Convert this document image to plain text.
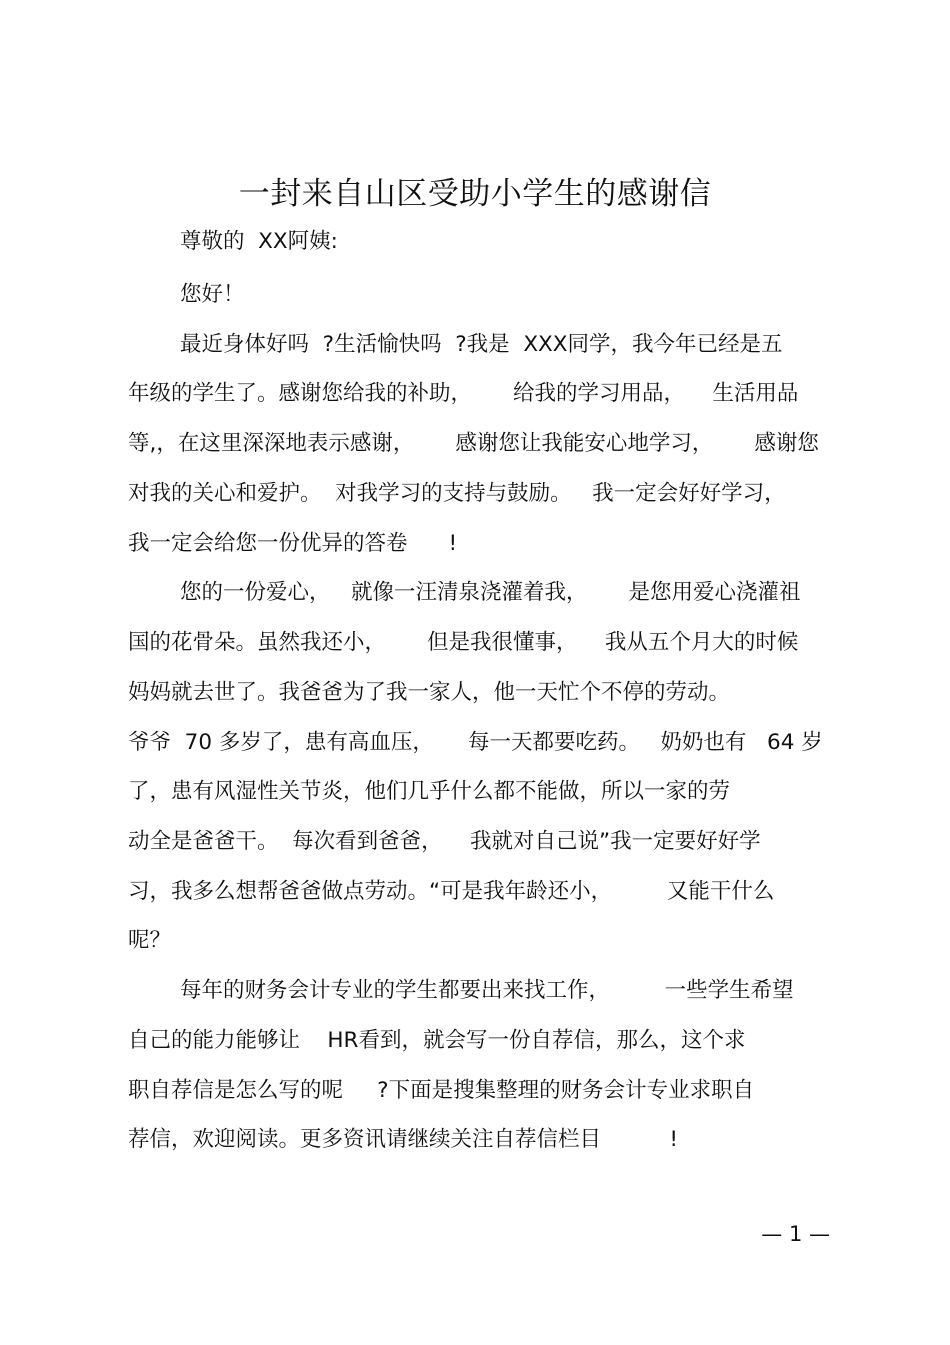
一封来自山区受助小学生的感谢信

尊敬的  XX阿姨:

您好！

最近身体好吗  ?生活愉快吗  ?我是  XXX同学，我今年已经是五

年级的学生了。感谢您给我的补助，      给我的学习用品，    生活用品

等,，在这里深深地表示感谢，      感谢您让我能安心地学习，      感谢您

对我的关心和爱护。  对我学习的支持与鼓励。   我一定会好好学习，

我一定会给您一份优异的答卷      !

您的一份爱心，   就像一汪清泉浇灌着我，      是您用爱心浇灌祖

国的花骨朵。虽然我还小，      但是我很懂事，    我从五个月大的时候

妈妈就去世了。我爸爸为了我一家人，他一天忙个不停的劳动。

爷爷  70 多岁了，患有高血压，     每一天都要吃药。   奶奶也有   64 岁

了，患有风湿性关节炎，他们几乎什么都不能做，所以一家的劳

动全是爸爸干。  每次看到爸爸，    我就对自己说”我一定要好好学

习，我多么想帮爸爸做点劳动。“可是我年龄还小，        又能干什么

呢？

每年的财务会计专业的学生都要出来找工作，        一些学生希望

自己的能力能够让    HR看到，就会写一份自荐信，那么，这个求

职自荐信是怎么写的呢     ?下面是搜集整理的财务会计专业求职自

荐信，欢迎阅读。更多资讯请继续关注自荐信栏目          !

— 1 —
